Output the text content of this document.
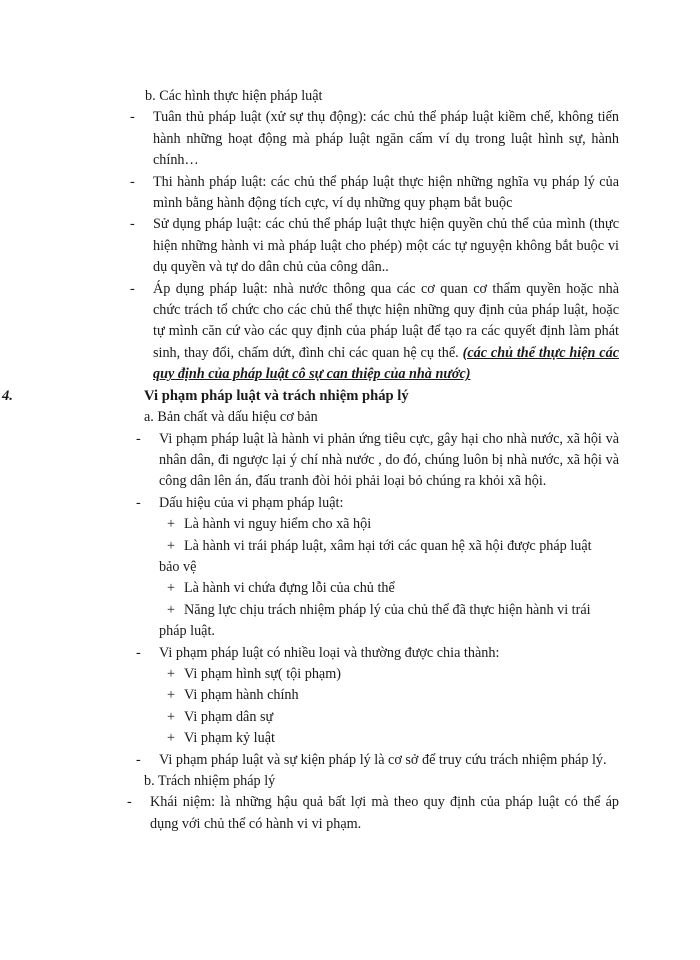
b. Các hình thực hiện pháp luật
- Tuân thủ pháp luật (xử sự thụ động): các chủ thể pháp luật kiềm chế, không tiến hành những hoạt động mà pháp luật ngăn cấm ví dụ trong luật hình sự, hành chính…
- Thi hành pháp luật: các chủ thể pháp luật thực hiện những nghĩa vụ pháp lý của mình bằng hành động tích cực, ví dụ những quy phạm bắt buộc
- Sử dụng pháp luật: các chủ thể pháp luật thực hiện quyền chủ thể của mình (thực hiện những hành vi mà pháp luật cho phép) một các tự nguyện không bắt buộc vi dụ quyền và tự do dân chủ của công dân..
- Áp dụng pháp luật: nhà nước thông qua các cơ quan cơ thẩm quyền hoặc nhà chức trách tổ chức cho các chủ thể thực hiện những quy định của pháp luật, hoặc tự mình căn cứ vào các quy định của pháp luật để tạo ra các quyết định làm phát sinh, thay đổi, chấm dứt, đình chỉ các quan hệ cụ thể. (các chủ thể thực hiện các quy định của pháp luật cô sự can thiệp của nhà nước)
4.	Vi phạm pháp luật và trách nhiệm pháp lý
a. Bản chất và dấu hiệu cơ bản
- Vi phạm pháp luật là hành vi phản ứng tiêu cực, gây hại cho nhà nước, xã hội và nhân dân, đi ngược lại ý chí nhà nước , do đó, chúng luôn bị nhà nước, xã hội và công dân lên án, đấu tranh đòi hỏi phải loại bỏ chúng ra khỏi xã hội.
- Dấu hiệu của vi phạm pháp luật:
+ Là hành vi nguy hiểm cho xã hội
+ Là hành vi trái pháp luật, xâm hại tới các quan hệ xã hội được pháp luật
bảo vệ
+ Là hành vi chứa đựng lỗi của chủ thể
+ Năng lực chịu trách nhiệm pháp lý của chủ thể đã thực hiện hành vi trái
pháp luật.
- Vi phạm pháp luật có nhiều loại và thường được chia thành:
+ Vi phạm hình sự( tội phạm)
+ Vi phạm hành chính
+ Vi phạm dân sự
+ Vi phạm kỷ luật
- Vi phạm pháp luật và sự kiện pháp lý là cơ sở để truy cứu trách nhiệm pháp lý.
b. Trách nhiệm pháp lý
- Khái niệm: là những hậu quả bất lợi mà theo quy định của pháp luật có thể áp dụng với chủ thể có hành vi vi phạm.
